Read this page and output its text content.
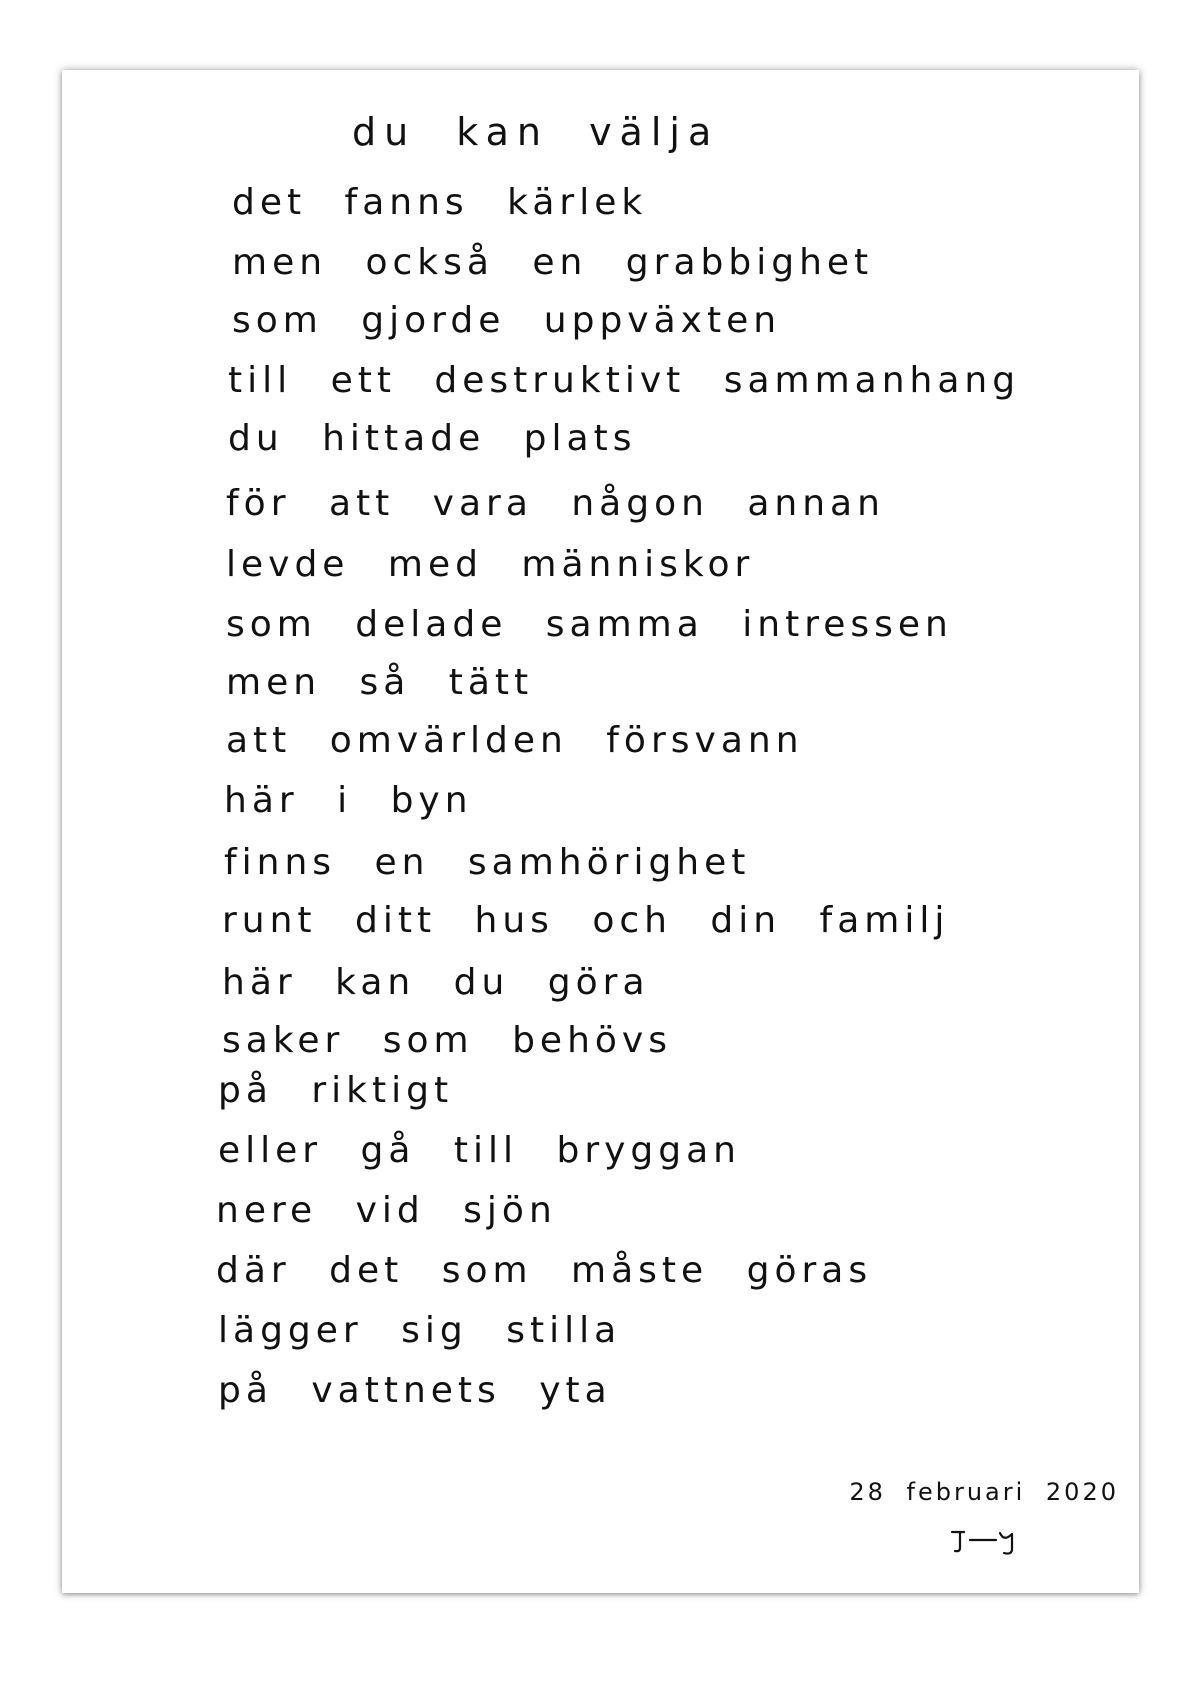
du kan välja
det fanns kärlek
men också en grabbighet
som gjorde uppväxten
till ett destruktivt sammanhang
du hittade plats
för att vara någon annan
levde med människor
som delade samma intressen
men så tätt
att omvärlden försvann
här i byn
finns en samhörighet
runt ditt hus och din familj
här kan du göra
saker som behövs
på riktigt
eller gå till bryggan
nere vid sjön
där det som måste göras
lägger sig stilla
på vattnets yta
28 februari 2020
